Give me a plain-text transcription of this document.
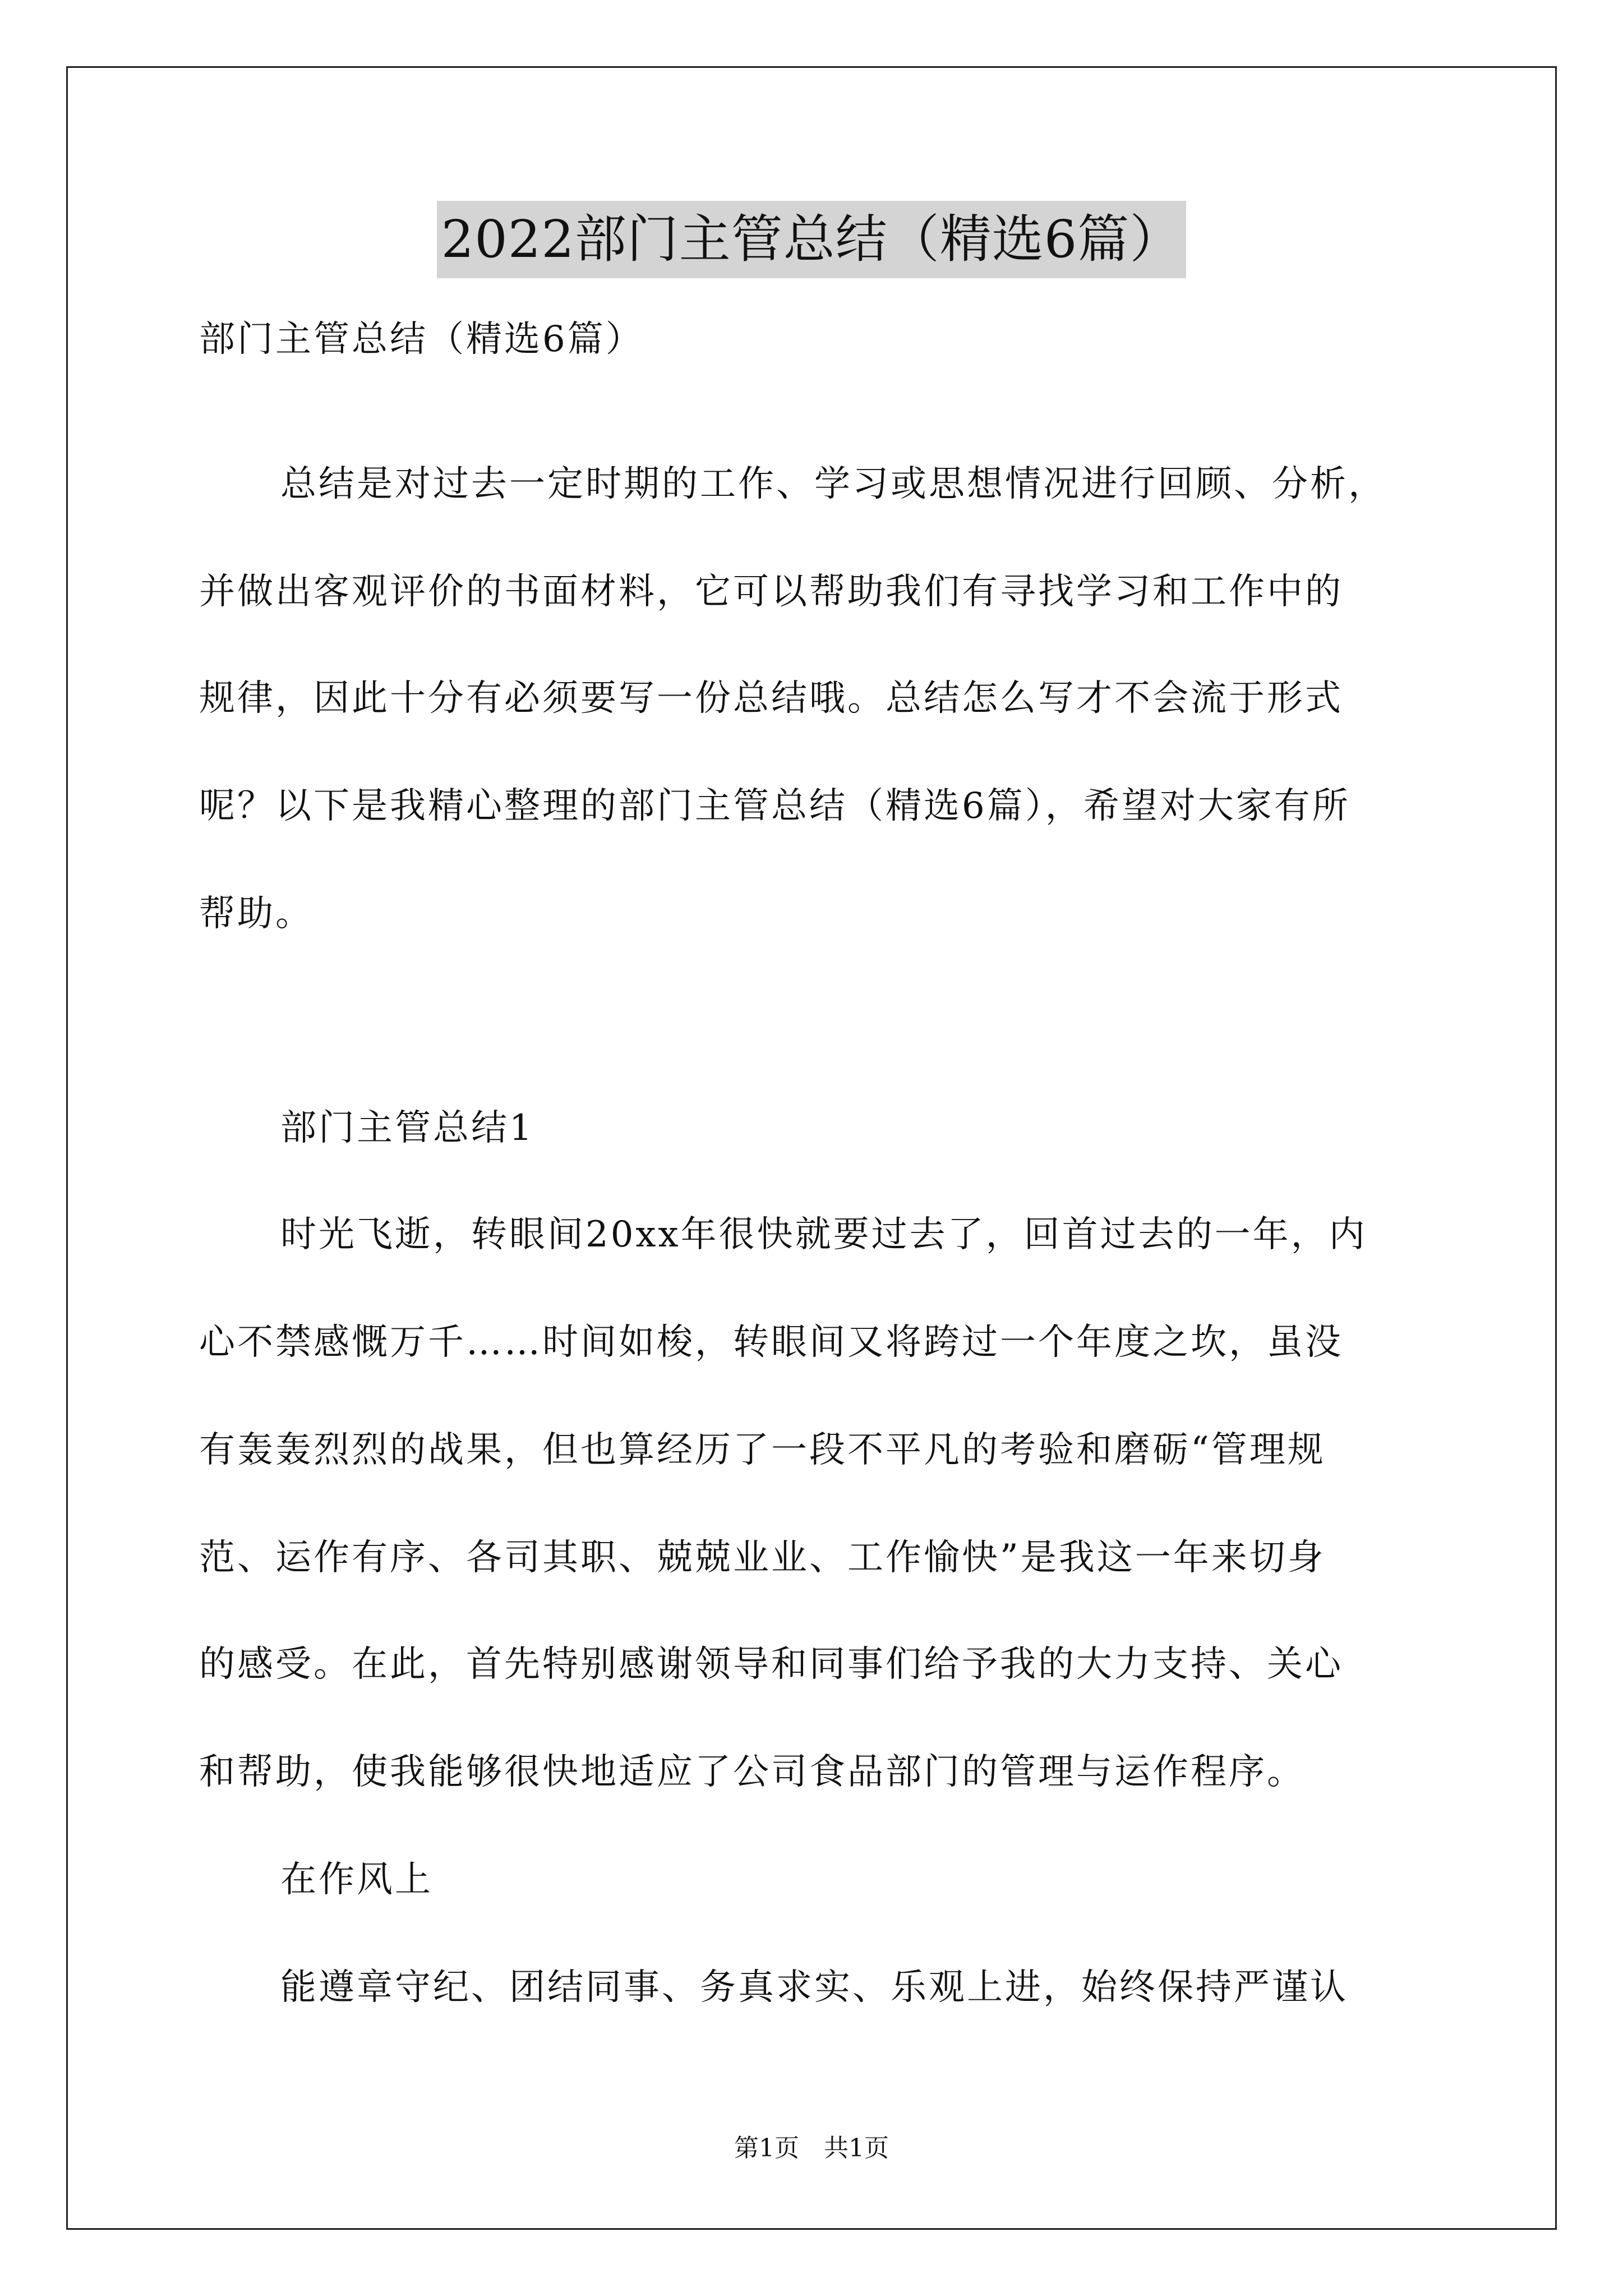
2022部门主管总结（精选6篇）
部门主管总结（精选6篇）
总结是对过去一定时期的工作、学习或思想情况进行回顾、分析，
并做出客观评价的书面材料，它可以帮助我们有寻找学习和工作中的
规律，因此十分有必须要写一份总结哦。总结怎么写才不会流于形式
呢？以下是我精心整理的部门主管总结（精选6篇），希望对大家有所
帮助。
部门主管总结1
时光飞逝，转眼间20xx年很快就要过去了，回首过去的一年，内
心不禁感慨万千……时间如梭，转眼间又将跨过一个年度之坎，虽没
有轰轰烈烈的战果，但也算经历了一段不平凡的考验和磨砺“管理规
范、运作有序、各司其职、兢兢业业、工作愉快”是我这一年来切身
的感受。在此，首先特别感谢领导和同事们给予我的大力支持、关心
和帮助，使我能够很快地适应了公司食品部门的管理与运作程序。
在作风上
能遵章守纪、团结同事、务真求实、乐观上进，始终保持严谨认
第1页　共1页
